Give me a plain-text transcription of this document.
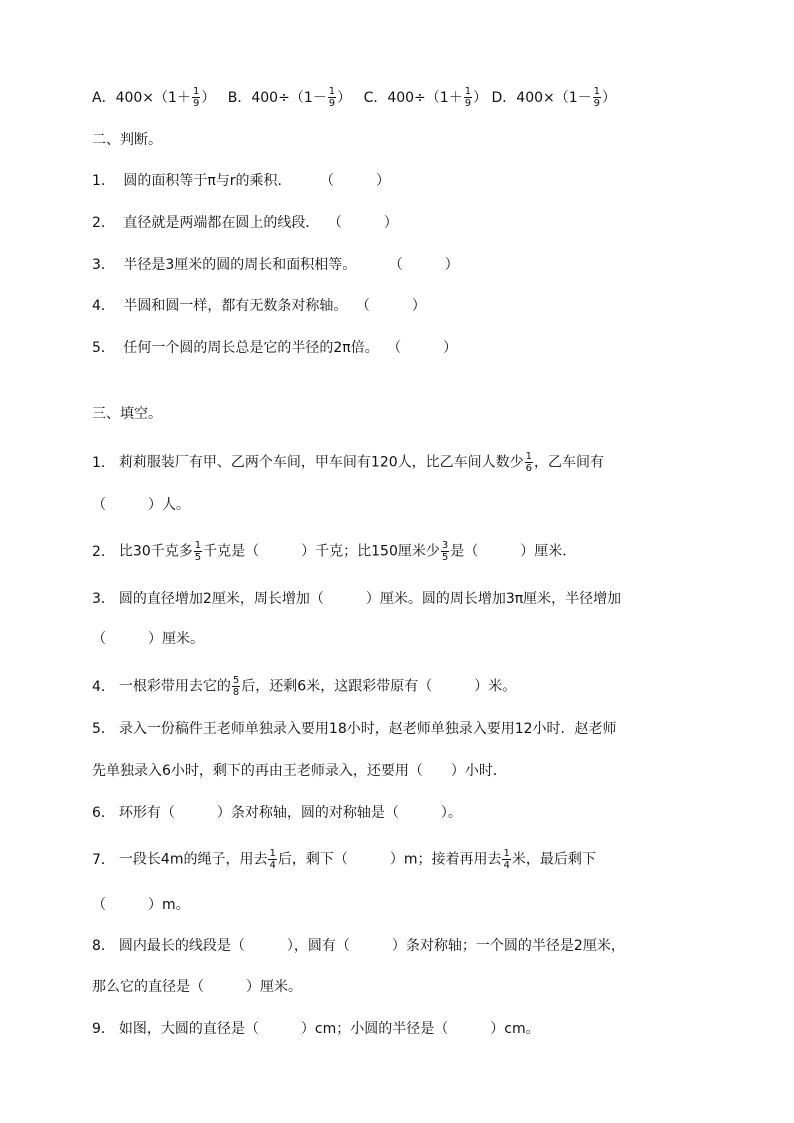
A．$400\times(1+ \frac{1}{9}$ ） B．$400\div(1- \frac{1}{9}$ ） C．$400\div(1+ \frac{1}{9}$ ） D．$400\times(1- \frac{1}{9}$ ）
二、判断。
1． 圆的面积等于π与r的乘积． （　　　）
2． 直径就是两端都在圆上的线段． （　　　）
3． 半径是3厘米的圆的周长和面积相等。 （　　　）
4． 半圆和圆一样，都有无数条对称轴。 （　　　）
5． 任何一个圆的周长总是它的半径的2π倍。 （　　　）
三、填空。
1． 莉莉服装厂有甲、乙两个车间，甲车间有120人，比乙车间人数少 $\frac{1}{6}$ ，乙车间有
（　　　）人。
2． 比30千克多 $\frac{1}{5}$ 千克是（　　　）千克；比150厘米少 $\frac{3}{5}$ 是（　　　）厘米．
3． 圆的直径增加2厘米，周长增加（　　　）厘米。圆的周长增加3π厘米，半径增加
（　　　）厘米。
4． 一根彩带用去它的 $\frac{5}{8}$ 后，还剩6米，这跟彩带原有（　　　）米。
5． 录入一份稿件王老师单独录入要用18小时，赵老师单独录入要用12小时．赵老师
先单独录入6小时，剩下的再由王老师录入，还要用（　　）小时．
6． 环形有（　　　）条对称轴，圆的对称轴是（　　　）。
7． 一段长4m的绳子，用去 $\frac{1}{4}$ 后，剩下（　　　）m；接着再用去 $\frac{1}{4}$ 米，最后剩下
（　　　）m。
8． 圆内最长的线段是（　　　），圆有（　　　）条对称轴；一个圆的半径是2厘米，
那么它的直径是（　　　）厘米。
9． 如图，大圆的直径是（　　　）cm；小圆的半径是（　　　）cm。
